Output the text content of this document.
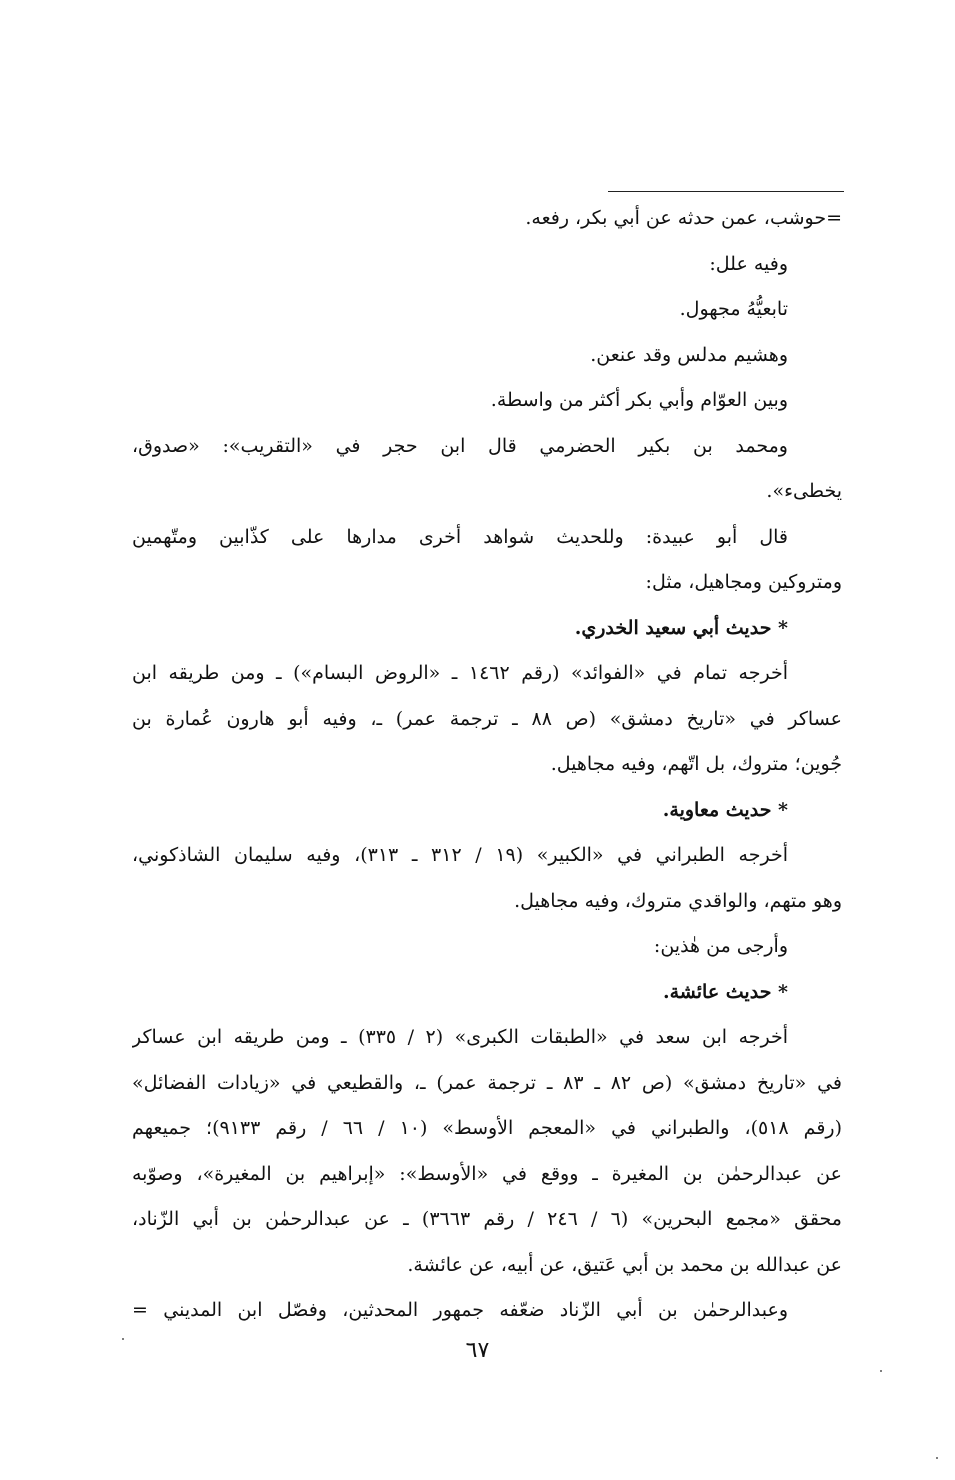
=حوشب، عمن حدثه عن أبي بكر، رفعه.
وفيه علل:
تابعيُّهُ مجهول.
وهشيم مدلس وقد عنعن.
وبين العوّام وأبي بكر أكثر من واسطة.
ومحمد بن بكير الحضرمي قال ابن حجر في «التقريب»: «صدوق،
يخطىء».
قال أبو عبيدة: وللحديث شواهد أخرى مدارها على كذّابين ومتّهمين
ومتروكين ومجاهيل، مثل:
* حديث أبي سعيد الخدري.
أخرجه تمام في «الفوائد» (رقم ١٤٦٢ ـ «الروض البسام») ـ ومن طريقه ابن
عساكر في «تاريخ دمشق» (ص ٨٨ ـ ترجمة عمر) ـ، وفيه أبو هارون عُمارة بن
جُوين؛ متروك، بل اتّهم، وفيه مجاهيل.
* حديث معاوية.
أخرجه الطبراني في «الكبير» (١٩ / ٣١٢ ـ ٣١٣)، وفيه سليمان الشاذكوني،
وهو متهم، والواقدي متروك، وفيه مجاهيل.
وأرجى من هٰذين:
* حديث عائشة.
أخرجه ابن سعد في «الطبقات الكبرى» (٢ / ٣٣٥) ـ ومن طريقه ابن عساكر
في «تاريخ دمشق» (ص ٨٢ ـ ٨٣ ـ ترجمة عمر) ـ، والقطيعي في «زيادات الفضائل»
(رقم ٥١٨)، والطبراني في «المعجم الأوسط» (١٠ / ٦٦ / رقم ٩١٣٣)؛ جميعهم
عن عبدالرحمٰن بن المغيرة ـ ووقع في «الأوسط»: «إبراهيم بن المغيرة»، وصوّبه
محقق «مجمع البحرين» (٦ / ٢٤٦ / رقم ٣٦٦٣) ـ عن عبدالرحمٰن بن أبي الزّناد،
عن عبدالله بن محمد بن أبي عَتيق، عن أبيه، عن عائشة.
وعبدالرحمٰن بن أبي الزّناد ضعّفه جمهور المحدثين، وفصّل ابن المديني =
٦٧
